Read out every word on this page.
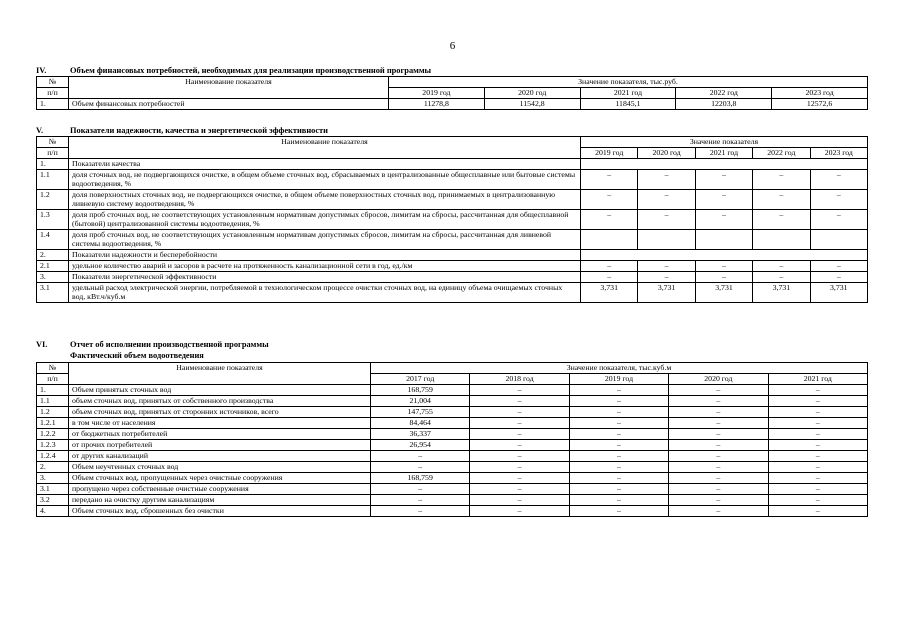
6
IV.	Объем финансовых потребностей, необходимых для реализации производственной программы
№	Наименование показателя	Значение показателя, тыс.руб.				
п/п		2019 год	2020 год	2021 год	2022 год	2023 год
1.	Объем финансовых потребностей	11278,8	11542,8	11845,1	12203,8	12572,6
V.	Показатели надежности, качества и энергетической эффективности
№	Наименование показателя	Значение показателя				
п/п		2019 год	2020 год	2021 год	2022 год	2023 год
1.	Показатели качества					
1.1	доля сточных вод, не подвергающихся очистке, в общем объеме сточных вод, сбрасываемых в централизованные общесплавные или бытовые системы водоотведения, %	–	–	–	–	–
1.2	доля поверхностных сточных вод, не подвергающихся очистке, в общем объеме поверхностных сточных вод, принимаемых в централизованную ливневую систему водоотведения, %	–	–	–	–	–
1.3	доля проб сточных вод, не соответствующих установленным нормативам допустимых сбросов, лимитам на сбросы, рассчитанная для общесплавной (бытовой) централизованной системы водоотведения, %	–	–	–	–	–
1.4	доля проб сточных вод, не соответствующих установленным нормативам допустимых сбросов, лимитам на сбросы, рассчитанная для ливневой системы водоотведения, %					
2.	Показатели надежности и бесперебойности					
2.1	удельное количество аварий и засоров в расчете на протяженность канализационной сети в год, ед./км	–	–	–	–	–
3.	Показатели энергетической эффективности	–	–	–	–	–
3.1	удельный расход электрической энергии, потребляемой в технологическом процессе очистки сточных вод, на единицу объема очищаемых сточных вод, кВт.ч/куб.м	3,731	3,731	3,731	3,731	3,731
VI.	Отчет об исполнении производственной программы
Фактический объем водоотведения
№	Наименование показателя	Значение показателя, тыс.куб.м				
п/п		2017 год	2018 год	2019 год	2020 год	2021 год
1.	Объем принятых сточных вод	168,759	–	–	–	–
1.1	объем сточных вод, принятых от собственного производства	21,004	–	–	–	–
1.2	объем сточных вод, принятых от сторонних источников, всего	147,755	–	–	–	–
1.2.1	в том числе от населения	84,464	–	–	–	–
1.2.2	от бюджетных потребителей	36,337	–	–	–	–
1.2.3	от прочих потребителей	26,954	–	–	–	–
1.2.4	от других канализаций	–	–	–	–	–
2.	Объем неучтенных сточных вод	–	–	–	–	–
3.	Объем сточных вод, пропущенных через очистные сооружения	168,759	–	–	–	–
3.1	пропущено через собственные очистные сооружения	–	–	–	–	–
3.2	передано на очистку другим канализациям	–	–	–	–	–
4.	Объем сточных вод, сброшенных без очистки	–	–	–	–	–
